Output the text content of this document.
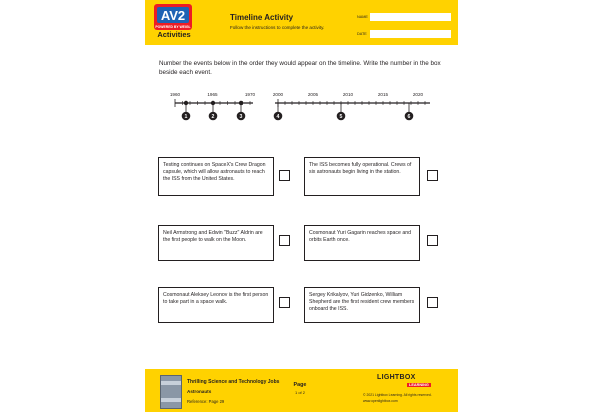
AV2
POWERED BY WEIGL
Activities
Timeline Activity
Follow the instructions to complete the activity.
NAME
DATE
Number the events below in the order they would appear on the timeline. Write the number in the box beside each event.
1960	1965	1970	2000	2005	2010	2015	2020
1	2	3	4	5	6
Testing continues on SpaceX's Crew Dragon capsule, which will allow astronauts to reach the ISS from the United States.
The ISS becomes fully operational. Crews of six astronauts begin living in the station.
Neil Armstrong and Edwin "Buzz" Aldrin are the first people to walk on the Moon.
Cosmonaut Yuri Gagarin reaches space and orbits Earth once.
Cosmonaut Aleksey Leonov is the first person to take part in a space walk.
Sergey Krikalyov, Yuri Gidzenko, William Shepherd are the first resident crew members onboard the ISS.
Thrilling Science and Technology Jobs
Astronauts
Reference: Page 29
Page
1 of 2
LIGHTBOX
LEARNING
© 2021 Lightbox Learning. All rights reserved.
www.openlightbox.com
